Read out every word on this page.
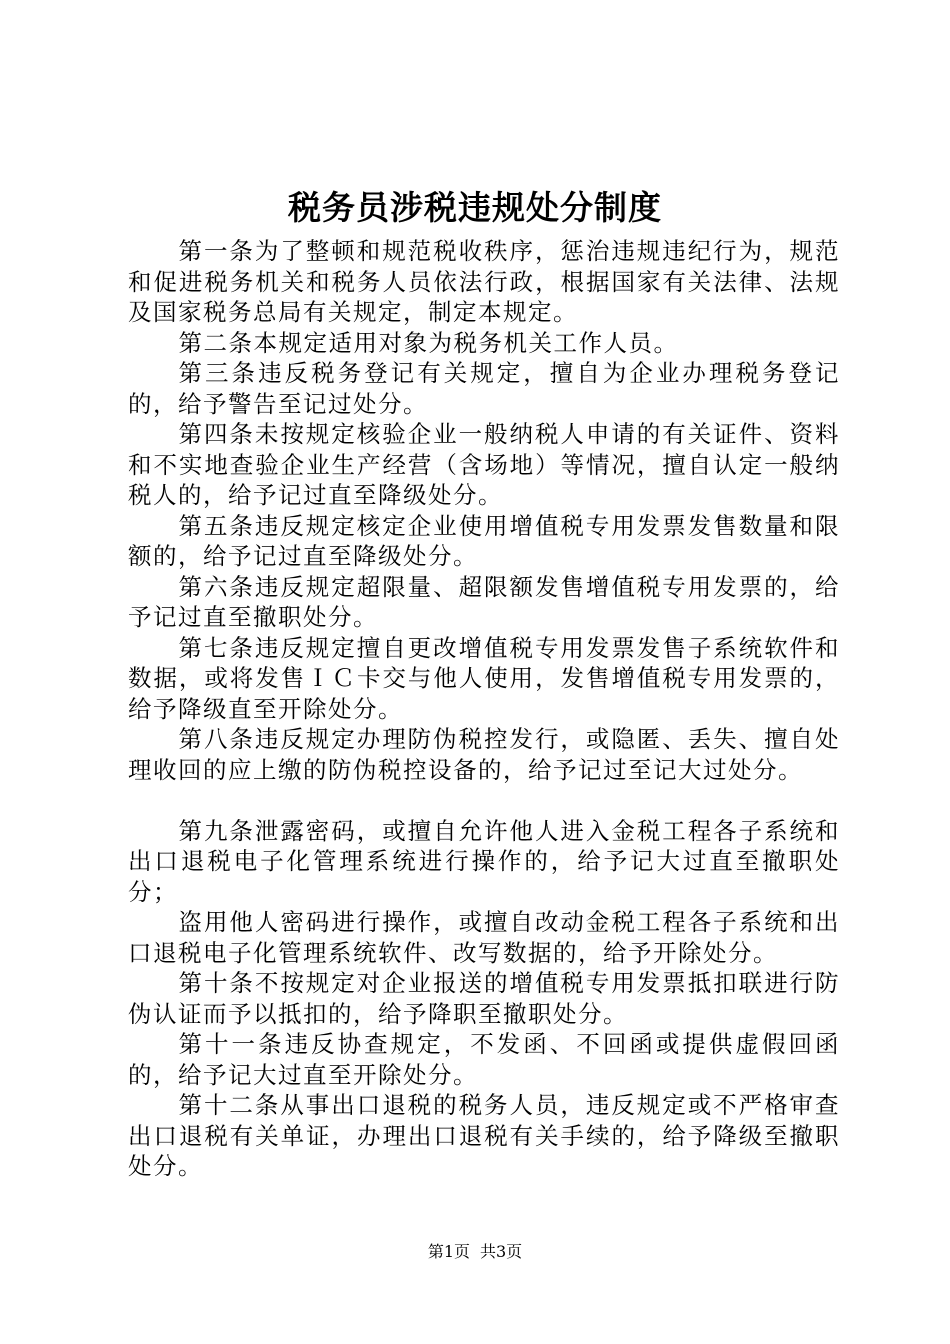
税务员涉税违规处分制度

第一条为了整顿和规范税收秩序，惩治违规违纪行为，规范和促进税务机关和税务人员依法行政，根据国家有关法律、法规及国家税务总局有关规定，制定本规定。

第二条本规定适用对象为税务机关工作人员。

第三条违反税务登记有关规定，擅自为企业办理税务登记的，给予警告至记过处分。

第四条未按规定核验企业一般纳税人申请的有关证件、资料和不实地查验企业生产经营（含场地）等情况，擅自认定一般纳税人的，给予记过直至降级处分。

第五条违反规定核定企业使用增值税专用发票发售数量和限额的，给予记过直至降级处分。

第六条违反规定超限量、超限额发售增值税专用发票的，给予记过直至撤职处分。

第七条违反规定擅自更改增值税专用发票发售子系统软件和数据，或将发售ＩＣ卡交与他人使用，发售增值税专用发票的，给予降级直至开除处分。

第八条违反规定办理防伪税控发行，或隐匿、丢失、擅自处理收回的应上缴的防伪税控设备的，给予记过至记大过处分。

第九条泄露密码，或擅自允许他人进入金税工程各子系统和出口退税电子化管理系统进行操作的，给予记大过直至撤职处分；

盗用他人密码进行操作，或擅自改动金税工程各子系统和出口退税电子化管理系统软件、改写数据的，给予开除处分。

第十条不按规定对企业报送的增值税专用发票抵扣联进行防伪认证而予以抵扣的，给予降职至撤职处分。

第十一条违反协查规定，不发函、不回函或提供虚假回函的，给予记大过直至开除处分。

第十二条从事出口退税的税务人员，违反规定或不严格审查出口退税有关单证，办理出口退税有关手续的，给予降级至撤职处分。

第1页 共3页
